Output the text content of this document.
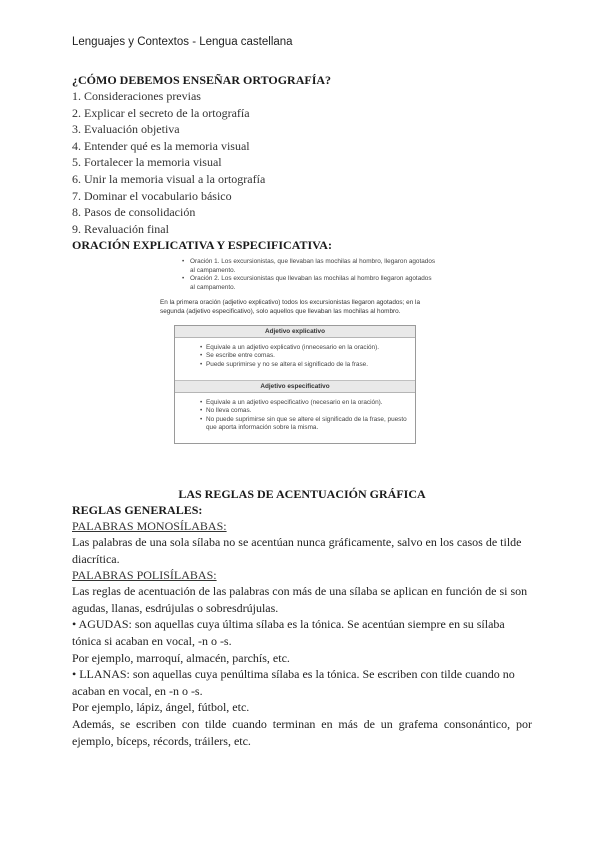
Lenguajes y Contextos - Lengua castellana
¿CÓMO DEBEMOS ENSEÑAR ORTOGRAFÍA?
1. Consideraciones previas
2. Explicar el secreto de la ortografía
3. Evaluación objetiva
4. Entender qué es la memoria visual
5. Fortalecer la memoria visual
6. Unir la memoria visual a la ortografía
7. Dominar el vocabulario básico
8. Pasos de consolidación
9. Revaluación final
ORACIÓN EXPLICATIVA Y ESPECIFICATIVA:
• Oración 1. Los excursionistas, que llevaban las mochilas al hombro, llegaron agotados al campamento.
• Oración 2. Los excursionistas que llevaban las mochilas al hombro llegaron agotados al campamento.
En la primera oración (adjetivo explicativo) todos los excursionistas llegaron agotados; en la segunda (adjetivo especificativo), solo aquellos que llevaban las mochilas al hombro.
Adjetivo explicativo
• Equivale a un adjetivo explicativo (innecesario en la oración).
• Se escribe entre comas.
• Puede suprimirse y no se altera el significado de la frase.
Adjetivo especificativo
• Equivale a un adjetivo especificativo (necesario en la oración).
• No lleva comas.
• No puede suprimirse sin que se altere el significado de la frase, puesto que aporta información sobre la misma.
LAS REGLAS DE ACENTUACIÓN GRÁFICA
REGLAS GENERALES:
PALABRAS MONOSÍLABAS:

Las palabras de una sola sílaba no se acentúan nunca gráficamente, salvo en los casos de tilde diacrítica.

PALABRAS POLISÍLABAS:

Las reglas de acentuación de las palabras con más de una sílaba se aplican en función de si son agudas, llanas, esdrújulas o sobresdrújulas.

• AGUDAS: son aquellas cuya última sílaba es la tónica. Se acentúan siempre en su sílaba tónica si acaban en vocal, -n o -s.

Por ejemplo, marroquí, almacén, parchís, etc.

• LLANAS: son aquellas cuya penúltima sílaba es la tónica. Se escriben con tilde cuando no acaban en vocal, en -n o -s.

Por ejemplo, lápiz, ángel, fútbol, etc.

Además, se escriben con tilde cuando terminan en más de un grafema consonántico, por ejemplo, bíceps, récords, tráilers, etc.
